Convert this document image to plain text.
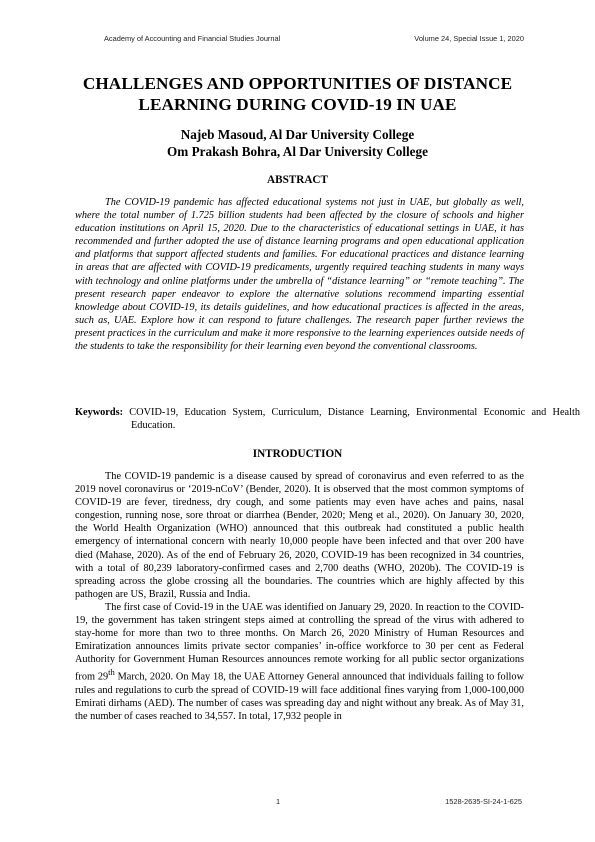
Academy of Accounting and Financial Studies Journal	Volume 24, Special Issue 1, 2020
CHALLENGES AND OPPORTUNITIES OF DISTANCE LEARNING DURING COVID-19 IN UAE
Najeb Masoud, Al Dar University College
Om Prakash Bohra, Al Dar University College
ABSTRACT

The COVID-19 pandemic has affected educational systems not just in UAE, but globally as well, where the total number of 1.725 billion students had been affected by the closure of schools and higher education institutions on April 15, 2020. Due to the characteristics of educational settings in UAE, it has recommended and further adopted the use of distance learning programs and open educational application and platforms that support affected students and families. For educational practices and distance learning in areas that are affected with COVID-19 predicaments, urgently required teaching students in many ways with technology and online platforms under the umbrella of “distance learning” or “remote teaching”. The present research paper endeavor to explore the alternative solutions recommend imparting essential knowledge about COVID-19, its details guidelines, and how educational practices is affected in the areas, such as, UAE. Explore how it can respond to future challenges. The research paper further reviews the present practices in the curriculum and make it more responsive to the learning experiences outside needs of the students to take the responsibility for their learning even beyond the conventional classrooms.

Keywords: COVID-19, Education System, Curriculum, Distance Learning, Environmental Economic and Health Education.

INTRODUCTION

The COVID-19 pandemic is a disease caused by spread of coronavirus and even referred to as the 2019 novel coronavirus or ‘2019-nCoV’ (Bender, 2020). It is observed that the most common symptoms of COVID-19 are fever, tiredness, dry cough, and some patients may even have aches and pains, nasal congestion, running nose, sore throat or diarrhea (Bender, 2020; Meng et al., 2020). On January 30, 2020, the World Health Organization (WHO) announced that this outbreak had constituted a public health emergency of international concern with nearly 10,000 people have been infected and that over 200 have died (Mahase, 2020). As of the end of February 26, 2020, COVID-19 has been recognized in 34 countries, with a total of 80,239 laboratory-confirmed cases and 2,700 deaths (WHO, 2020b). The COVID-19 is spreading across the globe crossing all the boundaries. The countries which are highly affected by this pathogen are US, Brazil, Russia and India.

The first case of Covid-19 in the UAE was identified on January 29, 2020. In reaction to the COVID-19, the government has taken stringent steps aimed at controlling the spread of the virus with adhered to stay-home for more than two to three months. On March 26, 2020 Ministry of Human Resources and Emiratization announces limits private sector companies’ in-office workforce to 30 per cent as Federal Authority for Government Human Resources announces remote working for all public sector organizations from 29th March, 2020. On May 18, the UAE Attorney General announced that individuals failing to follow rules and regulations to curb the spread of COVID-19 will face additional fines varying from 1,000-100,000 Emirati dirhams (AED). The number of cases was spreading day and night without any break. As of May 31, the number of cases reached to 34,557. In total, 17,932 people in

1	1528-2635-SI-24-1-625
